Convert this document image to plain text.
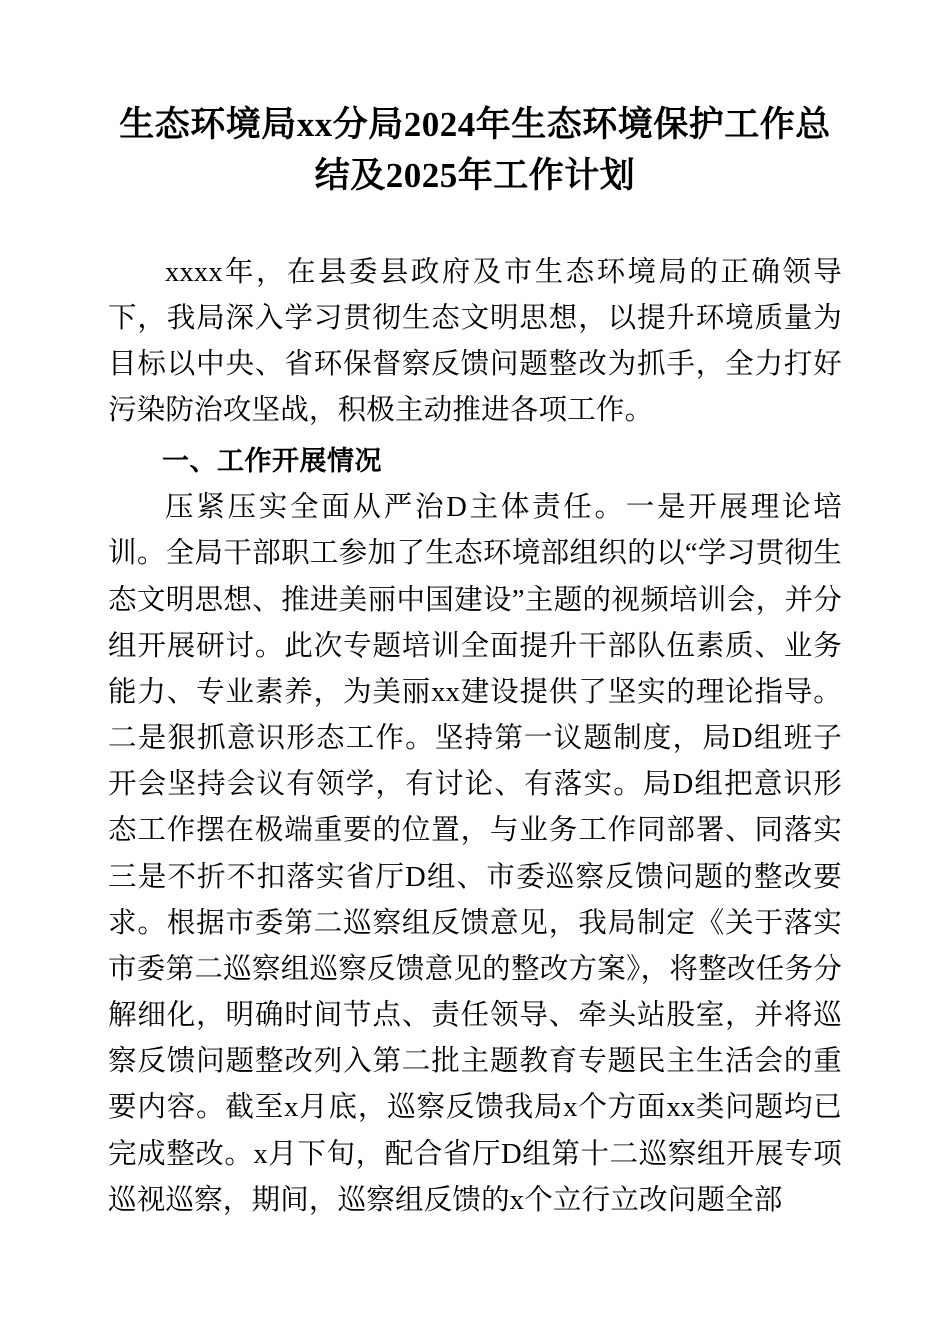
生态环境局xx分局2024年生态环境保护工作总结及2025年工作计划

xxxx年，在县委县政府及市生态环境局的正确领导下，我局深入学习贯彻生态文明思想，以提升环境质量为目标以中央、省环保督察反馈问题整改为抓手，全力打好污染防治攻坚战，积极主动推进各项工作。

一、工作开展情况

压紧压实全面从严治D主体责任。一是开展理论培训。全局干部职工参加了生态环境部组织的以“学习贯彻生态文明思想、推进美丽中国建设”主题的视频培训会，并分组开展研讨。此次专题培训全面提升干部队伍素质、业务能力、专业素养，为美丽xx建设提供了坚实的理论指导。二是狠抓意识形态工作。坚持第一议题制度，局D组班子开会坚持会议有领学，有讨论、有落实。局D组把意识形态工作摆在极端重要的位置，与业务工作同部署、同落实三是不折不扣落实省厅D组、市委巡察反馈问题的整改要求。根据市委第二巡察组反馈意见，我局制定《关于落实市委第二巡察组巡察反馈意见的整改方案》，将整改任务分解细化，明确时间节点、责任领导、牵头站股室，并将巡察反馈问题整改列入第二批主题教育专题民主生活会的重要内容。截至x月底，巡察反馈我局x个方面xx类问题均已完成整改。x月下旬，配合省厅D组第十二巡察组开展专项巡视巡察，期间，巡察组反馈的x个立行立改问题全部
